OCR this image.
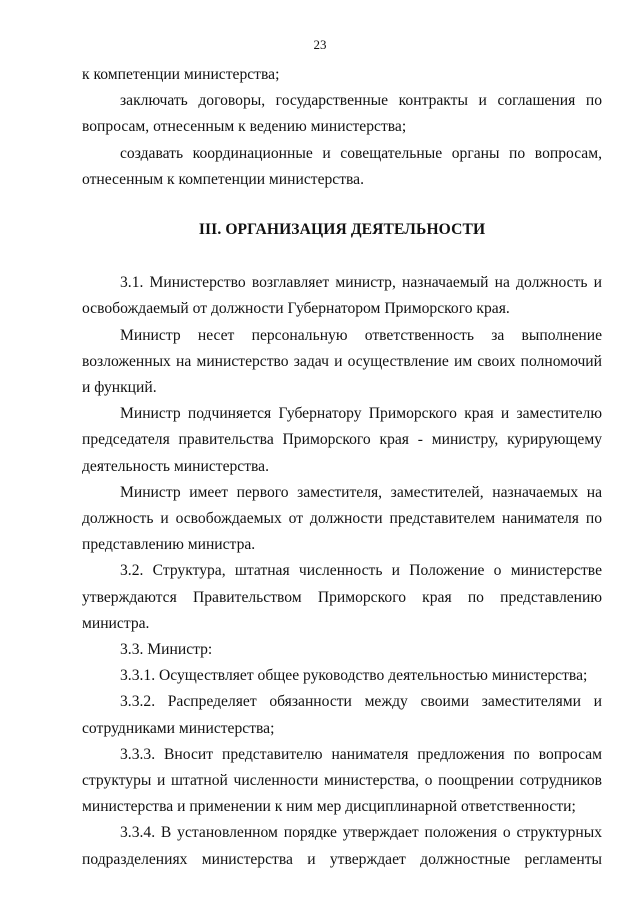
23

к компетенции министерства;

заключать договоры, государственные контракты и соглашения по вопросам, отнесенным к ведению министерства;

создавать координационные и совещательные органы по вопросам, отнесенным к компетенции министерства.

III. ОРГАНИЗАЦИЯ ДЕЯТЕЛЬНОСТИ

3.1. Министерство возглавляет министр, назначаемый на должность и освобождаемый от должности Губернатором Приморского края.

Министр несет персональную ответственность за выполнение возложенных на министерство задач и осуществление им своих полномочий и функций.

Министр подчиняется Губернатору Приморского края и заместителю председателя правительства Приморского края - министру, курирующему деятельность министерства.

Министр имеет первого заместителя, заместителей, назначаемых на должность и освобождаемых от должности представителем нанимателя по представлению министра.

3.2. Структура, штатная численность и Положение о министерстве утверждаются Правительством Приморского края по представлению министра.

3.3. Министр:

3.3.1. Осуществляет общее руководство деятельностью министерства;

3.3.2. Распределяет обязанности между своими заместителями и сотрудниками министерства;

3.3.3. Вносит представителю нанимателя предложения по вопросам структуры и штатной численности министерства, о поощрении сотрудников министерства и применении к ним мер дисциплинарной ответственности;

3.3.4. В установленном порядке утверждает положения о структурных подразделениях министерства и утверждает должностные регламенты
